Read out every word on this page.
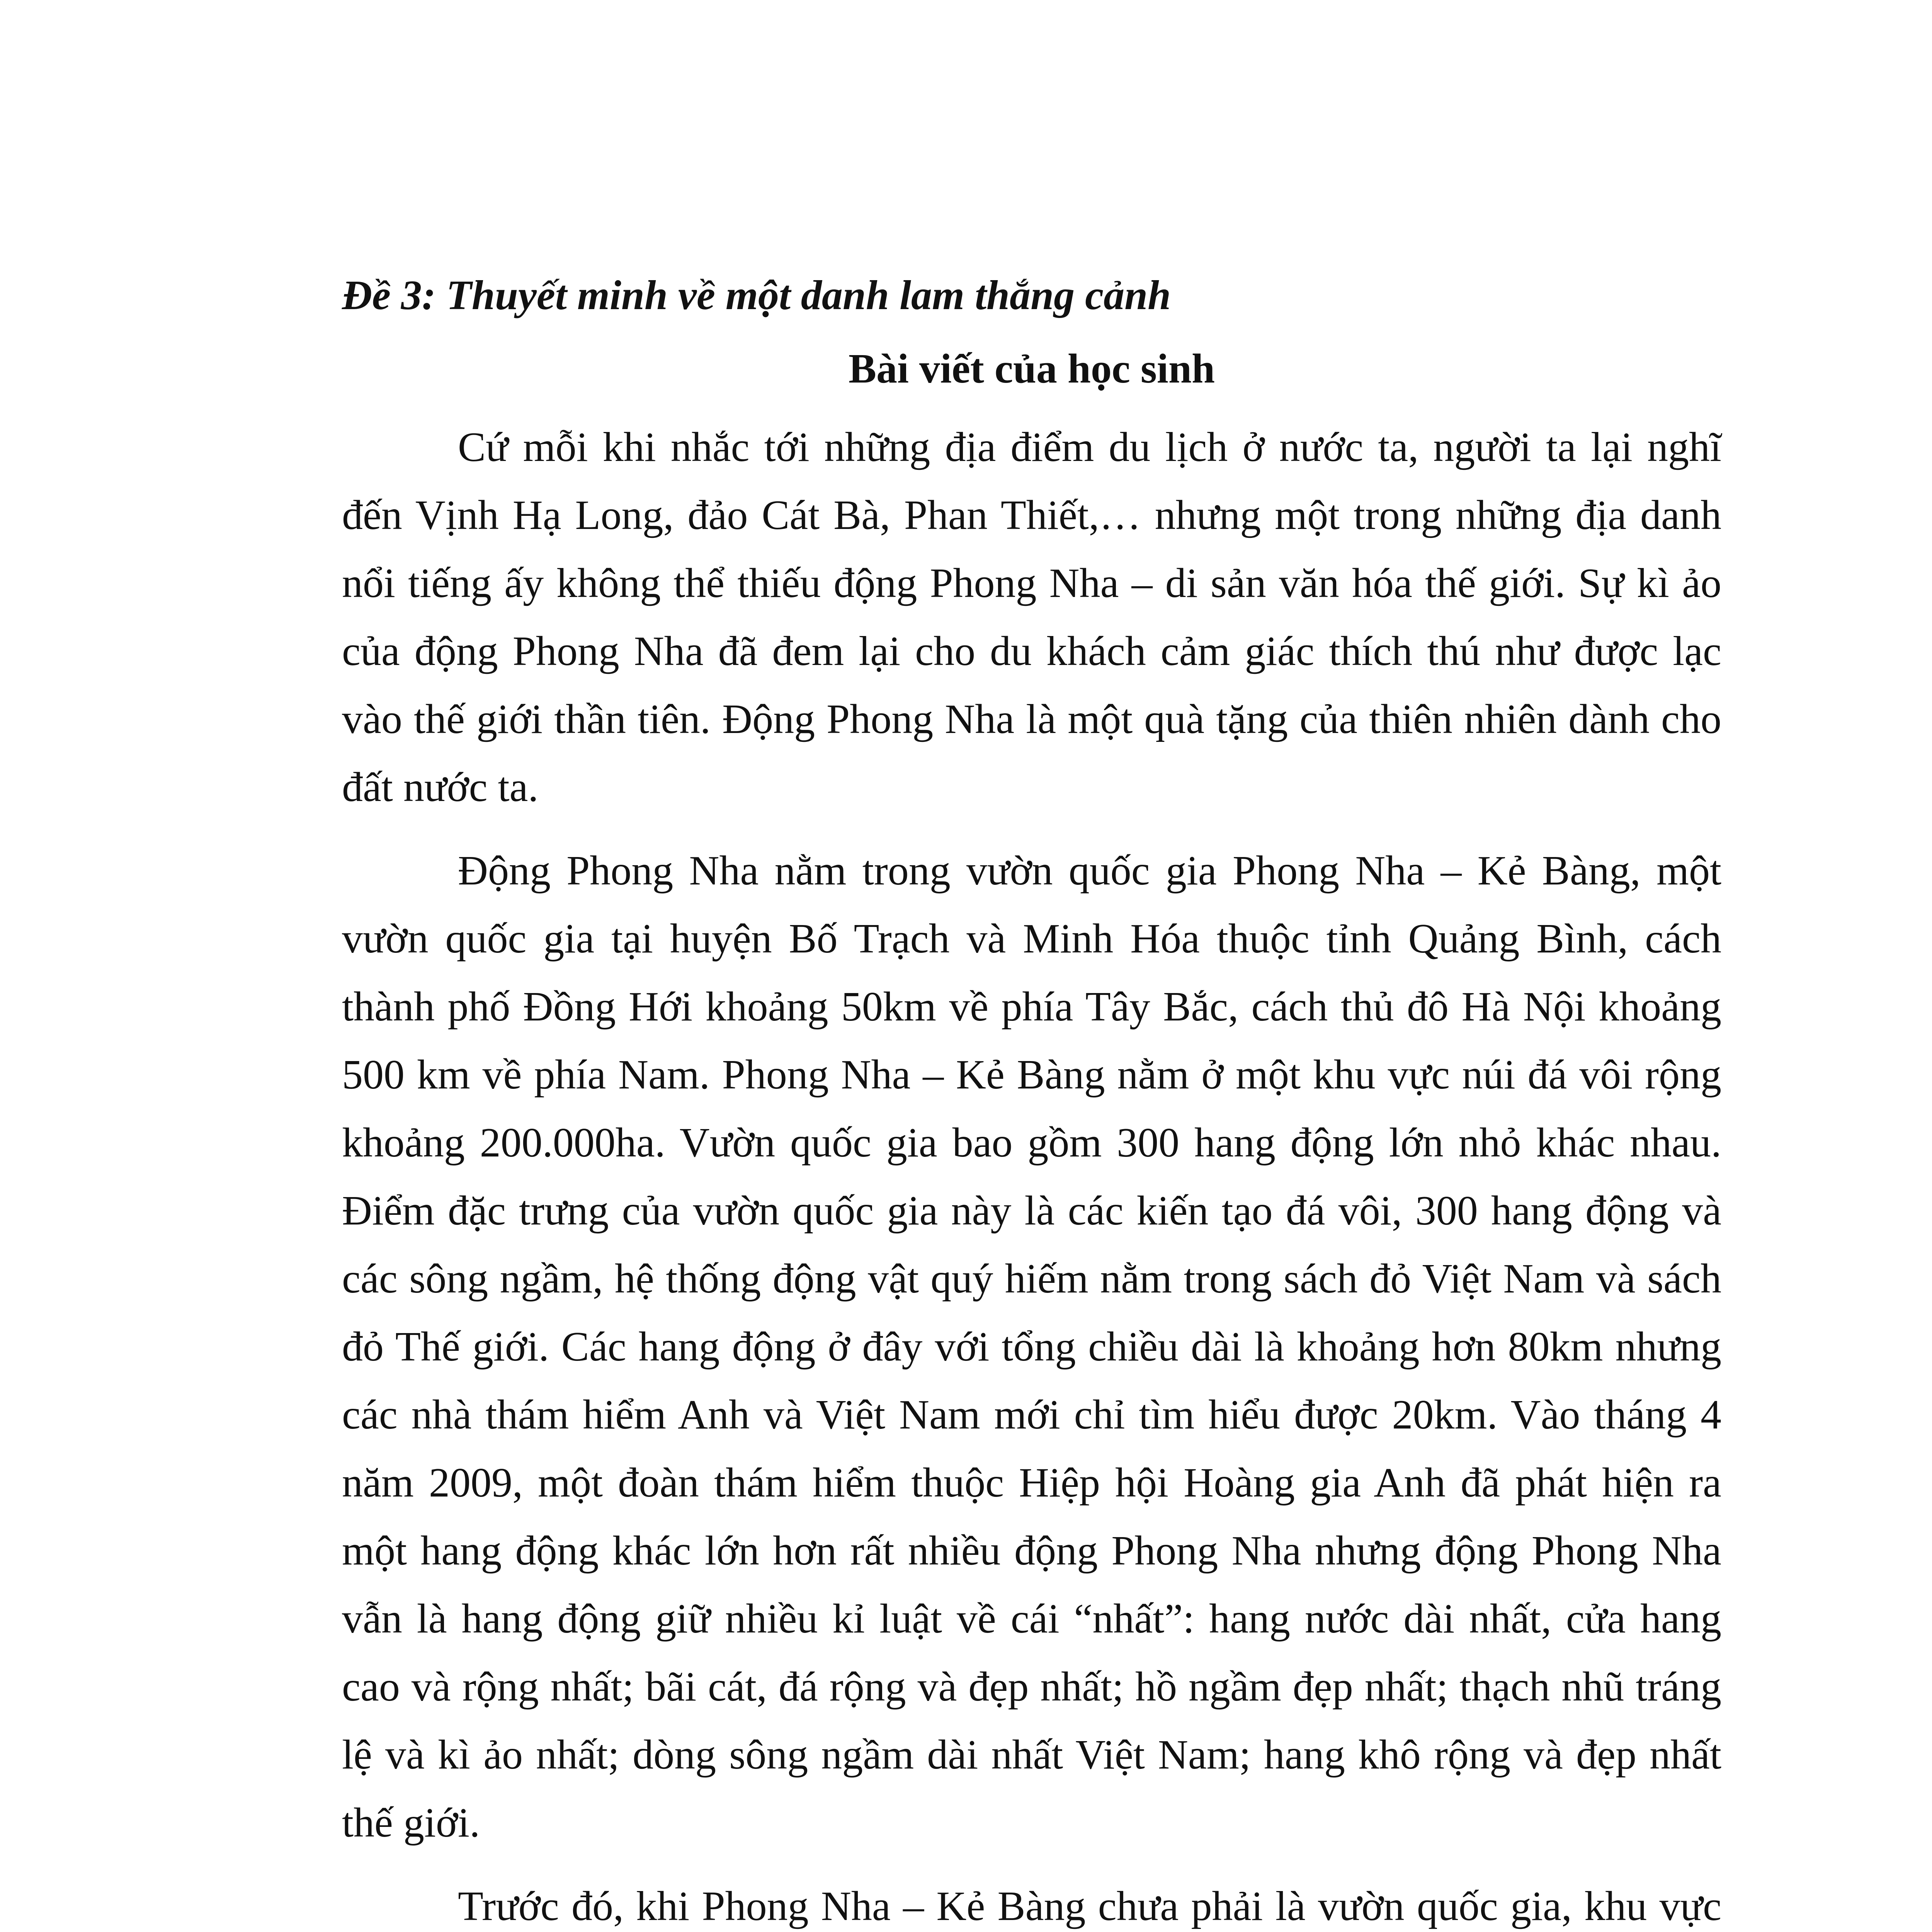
Đề 3: Thuyết minh về một danh lam thắng cảnh

Bài viết của học sinh

Cứ mỗi khi nhắc tới những địa điểm du lịch ở nước ta, người ta lại nghĩ đến Vịnh Hạ Long, đảo Cát Bà, Phan Thiết,… nhưng một trong những địa danh nổi tiếng ấy không thể thiếu động Phong Nha – di sản văn hóa thế giới. Sự kì ảo của động Phong Nha đã đem lại cho du khách cảm giác thích thú như được lạc vào thế giới thần tiên. Động Phong Nha là một quà tặng của thiên nhiên dành cho đất nước ta.

Động Phong Nha nằm trong vườn quốc gia Phong Nha – Kẻ Bàng, một vườn quốc gia tại huyện Bố Trạch và Minh Hóa thuộc tỉnh Quảng Bình, cách thành phố Đồng Hới khoảng 50km về phía Tây Bắc, cách thủ đô Hà Nội khoảng 500 km về phía Nam. Phong Nha – Kẻ Bàng nằm ở một khu vực núi đá vôi rộng khoảng 200.000ha. Vườn quốc gia bao gồm 300 hang động lớn nhỏ khác nhau. Điểm đặc trưng của vườn quốc gia này là các kiến tạo đá vôi, 300 hang động và các sông ngầm, hệ thống động vật quý hiếm nằm trong sách đỏ Việt Nam và sách đỏ Thế giới. Các hang động ở đây với tổng chiều dài là khoảng hơn 80km nhưng các nhà thám hiểm Anh và Việt Nam mới chỉ tìm hiểu được 20km. Vào tháng 4 năm 2009, một đoàn thám hiểm thuộc Hiệp hội Hoàng gia Anh đã phát hiện ra một hang động khác lớn hơn rất nhiều động Phong Nha nhưng động Phong Nha vẫn là hang động giữ nhiều kỉ luật về cái “nhất”: hang nước dài nhất, cửa hang cao và rộng nhất; bãi cát, đá rộng và đẹp nhất; hồ ngầm đẹp nhất; thạch nhũ tráng lệ và kì ảo nhất; dòng sông ngầm dài nhất Việt Nam; hang khô rộng và đẹp nhất thế giới.

Trước đó, khi Phong Nha – Kẻ Bàng chưa phải là vườn quốc gia, khu vực
